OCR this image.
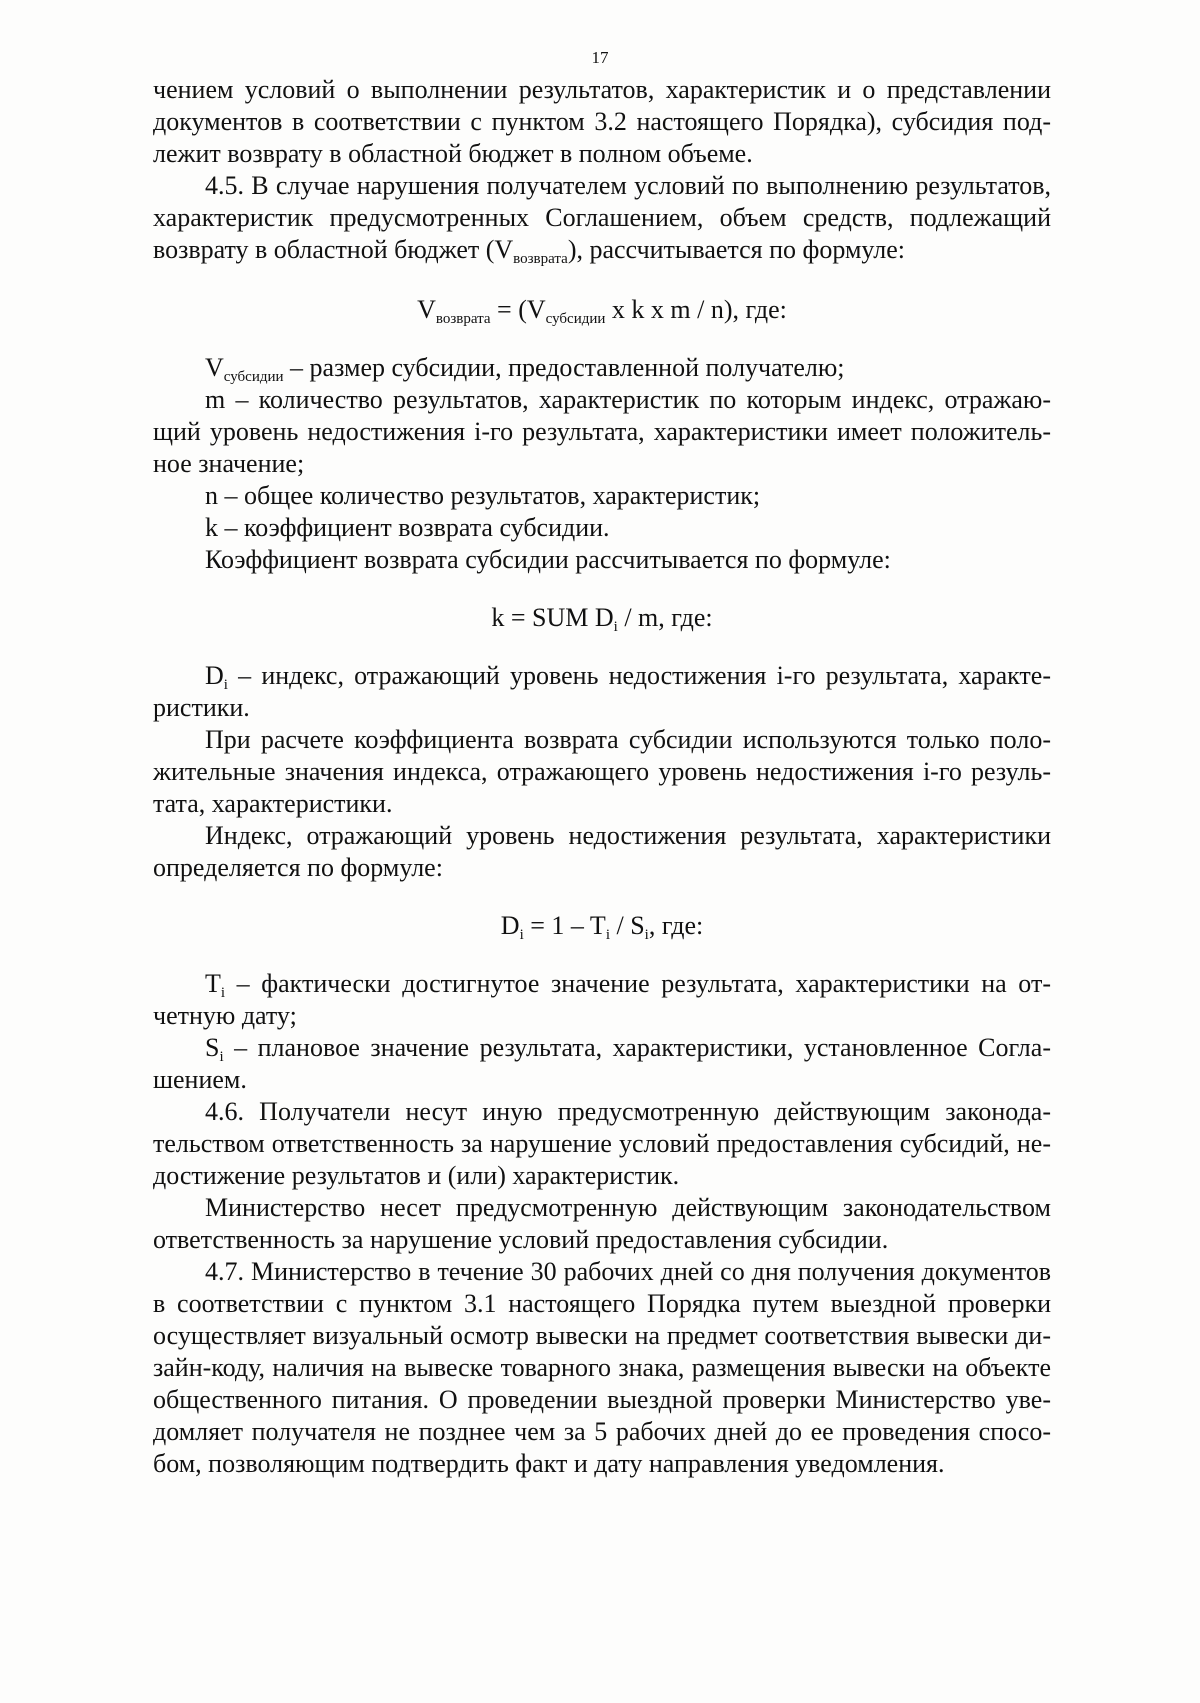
17

чением условий о выполнении результатов, характеристик и о представлении документов в соответствии с пунктом 3.2 настоящего Порядка), субсидия подлежит возврату в областной бюджет в полном объеме.

4.5. В случае нарушения получателем условий по выполнению результатов, характеристик предусмотренных Соглашением, объем средств, подлежащий возврату в областной бюджет $(V_{возврата})$, рассчитывается по формуле:

$V_{возврата} = (V_{субсидии}$ x k x m / n), где:

$V_{субсидии}$ – размер субсидии, предоставленной получателю;

m – количество результатов, характеристик по которым индекс, отражающий уровень недостижения i-го результата, характеристики имеет положительное значение;

n – общее количество результатов, характеристик;

k – коэффициент возврата субсидии.

Коэффициент возврата субсидии рассчитывается по формуле:

k = SUM $D_i$ / m, где:

$D_i$ – индекс, отражающий уровень недостижения i-го результата, характеристики.

При расчете коэффициента возврата субсидии используются только положительные значения индекса, отражающего уровень недостижения i-го результата, характеристики.

Индекс, отражающий уровень недостижения результата, характеристики определяется по формуле:

$D_i = 1 - T_i / S_i$, где:

$T_i$ – фактически достигнутое значение результата, характеристики на отчетную дату;

$S_i$ – плановое значение результата, характеристики, установленное Соглашением.

4.6. Получатели несут иную предусмотренную действующим законодательством ответственность за нарушение условий предоставления субсидий, недостижение результатов и (или) характеристик.

Министерство несет предусмотренную действующим законодательством ответственность за нарушение условий предоставления субсидии.

4.7. Министерство в течение 30 рабочих дней со дня получения документов в соответствии с пунктом 3.1 настоящего Порядка путем выездной проверки осуществляет визуальный осмотр вывески на предмет соответствия вывески дизайн-коду, наличия на вывеске товарного знака, размещения вывески на объекте общественного питания. О проведении выездной проверки Министерство уведомляет получателя не позднее чем за 5 рабочих дней до ее проведения способом, позволяющим подтвердить факт и дату направления уведомления.
